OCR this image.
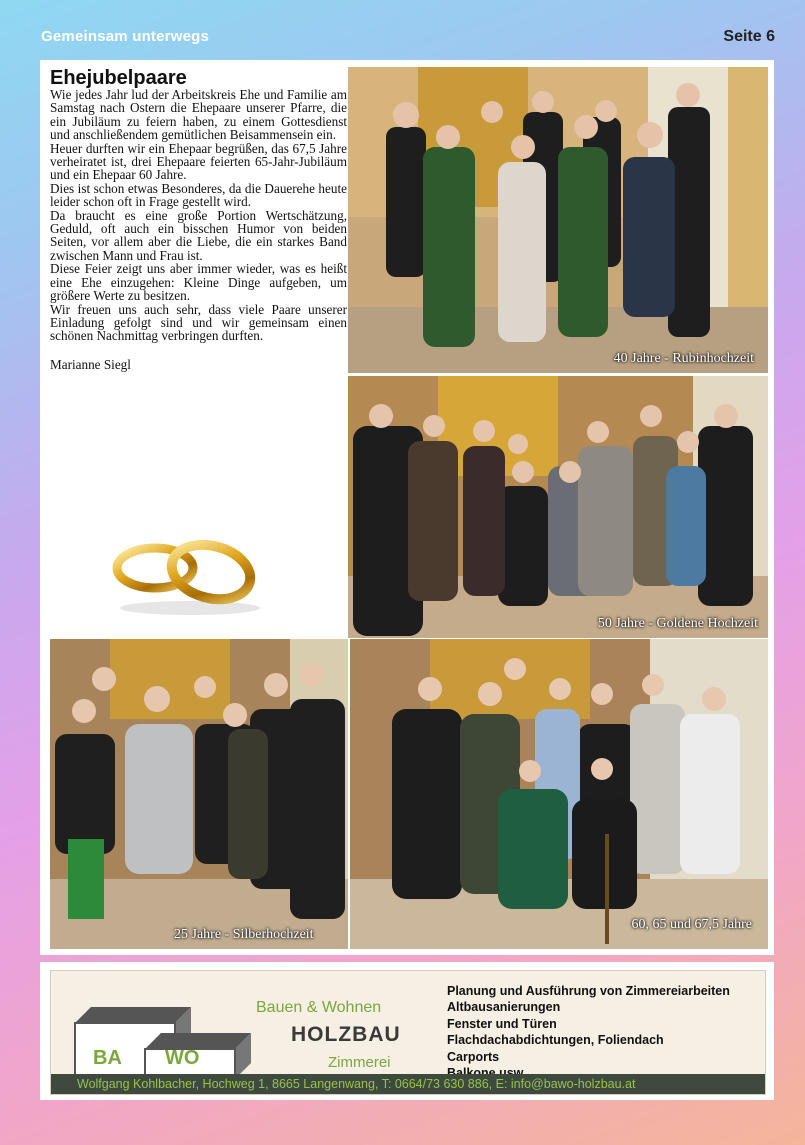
Gemeinsam unterwegs	Seite 6
Ehejubelpaare

Wie jedes Jahr lud der Arbeitskreis Ehe und Familie am Samstag nach Ostern die Ehepaare unserer Pfarre, die ein Jubiläum zu feiern haben, zu einem Gottesdienst und anschließendem gemütlichen Beisammensein ein.

Heuer durften wir ein Ehepaar begrüßen, das 67,5 Jahre verheiratet ist, drei Ehepaare feierten 65-Jahr-Jubiläum und ein Ehepaar 60 Jahre.

Dies ist schon etwas Besonderes, da die Dauerehe heute leider schon oft in Frage gestellt wird.

Da braucht es eine große Portion Wertschätzung, Geduld, oft auch ein bisschen Humor von beiden Seiten, vor allem aber die Liebe, die ein starkes Band zwischen Mann und Frau ist.

Diese Feier zeigt uns aber immer wieder, was es heißt eine Ehe einzugehen: Kleine Dinge aufgeben, um größere Werte zu besitzen.

Wir freuen uns auch sehr, dass viele Paare unserer Einladung gefolgt sind und wir gemeinsam einen schönen Nachmittag verbringen durften.

Marianne Siegl	40 Jahre - Rubinhochzeit
50 Jahre - Goldene Hochzeit
25 Jahre - Silberhochzeit
60, 65 und 67,5 Jahre
BA WO
Bauen & Wohnen
HOLZBAU
Zimmerei
Planung und Ausführung von Zimmereiarbeiten
Altbausanierungen
Fenster und Türen
Flachdachabdichtungen, Foliendach
Carports
Wolfgang Kohlbacher, Hochweg 1, 8665 Langenwang, T: 0664/73 630 886, E: info@bawo-holzbau.at
